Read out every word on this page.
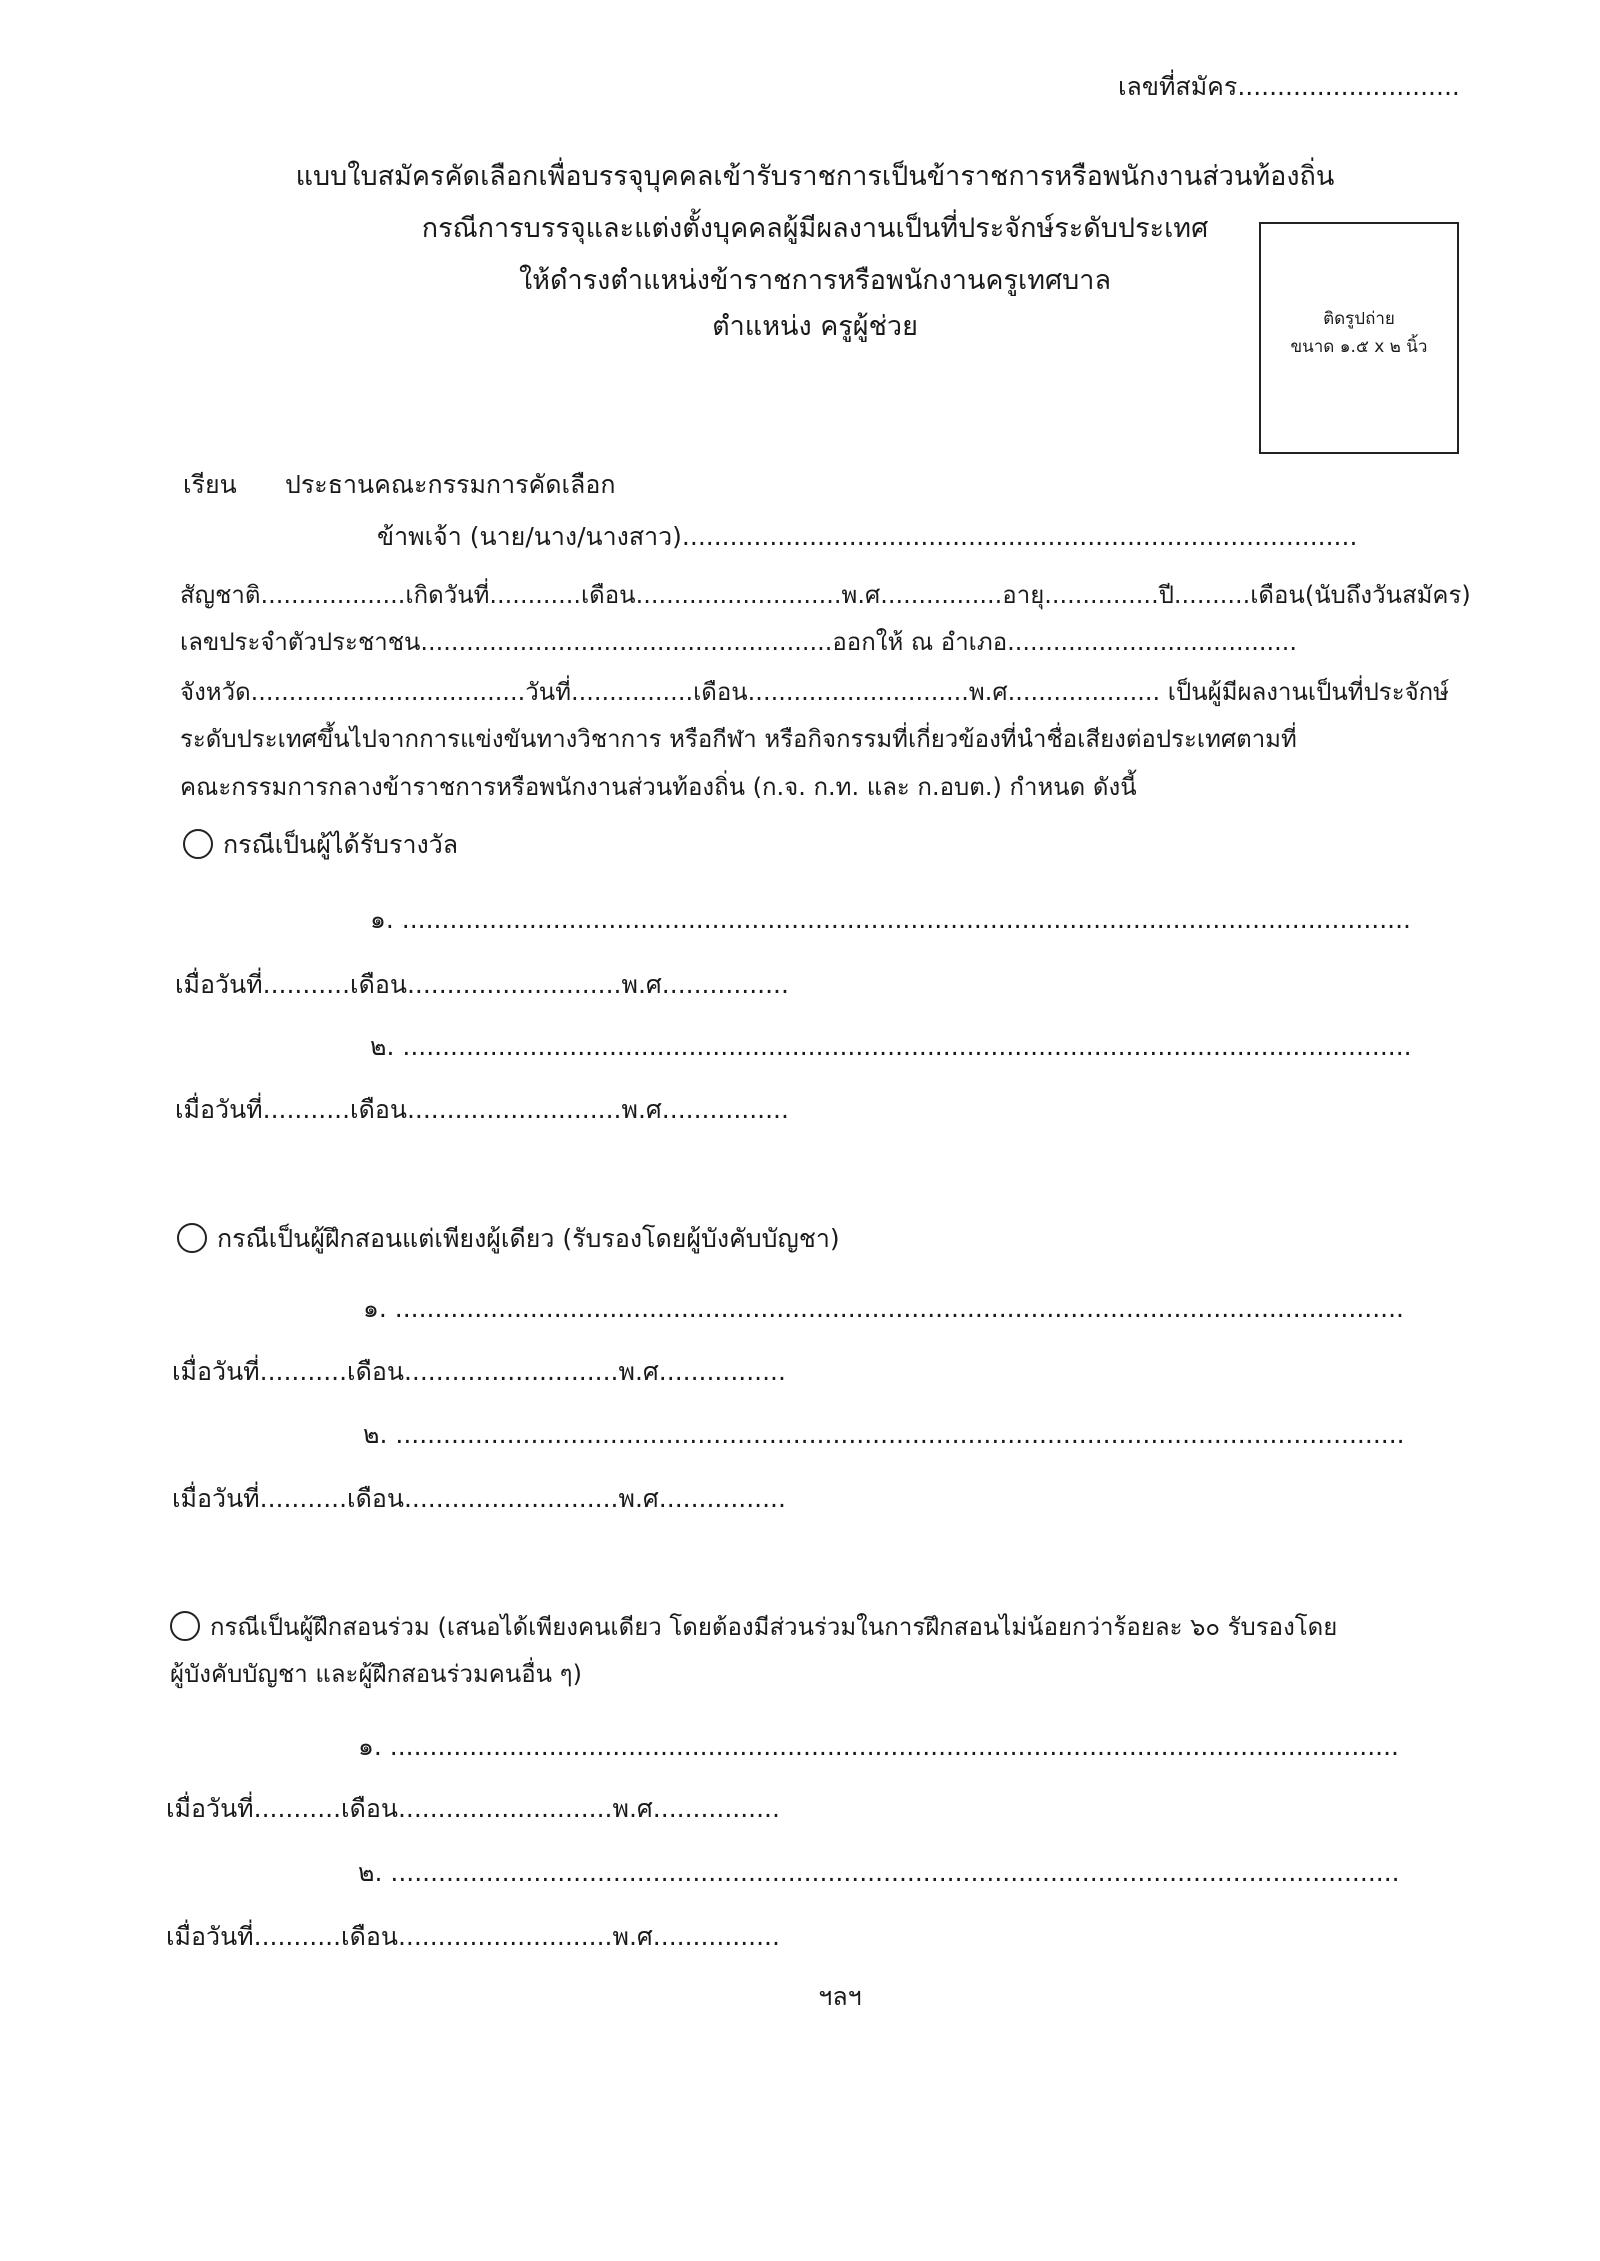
เลขที่สมัคร............................
แบบใบสมัครคัดเลือกเพื่อบรรจุบุคคลเข้ารับราชการเป็นข้าราชการหรือพนักงานส่วนท้องถิ่น
กรณีการบรรจุและแต่งตั้งบุคคลผู้มีผลงานเป็นที่ประจักษ์ระดับประเทศ
ให้ดำรงตำแหน่งข้าราชการหรือพนักงานครูเทศบาล
ตำแหน่ง ครูผู้ช่วย	ติดรูปถ่าย
ขนาด ๑.๕ x ๒ นิ้ว
เรียน ประธานคณะกรรมการคัดเลือก
ข้าพเจ้า (นาย/นาง/นางสาว).....................................................................................
สัญชาติ...................เกิดวันที่............เดือน...........................พ.ศ................อายุ...............ปี..........เดือน(นับถึงวันสมัคร)
เลขประจำตัวประชาชน......................................................ออกให้ ณ อำเภอ......................................
จังหวัด....................................วันที่................เดือน.............................พ.ศ.................... เป็นผู้มีผลงานเป็นที่ประจักษ์
ระดับประเทศขึ้นไปจากการแข่งขันทางวิชาการ หรือกีฬา หรือกิจกรรมที่เกี่ยวข้องที่นำชื่อเสียงต่อประเทศตามที่
คณะกรรมการกลางข้าราชการหรือพนักงานส่วนท้องถิ่น (ก.จ. ก.ท. และ ก.อบต.) กำหนด ดังนี้
กรณีเป็นผู้ได้รับรางวัล
๑. ...............................................................................................................................
เมื่อวันที่...........เดือน...........................พ.ศ................
๒. ...............................................................................................................................
เมื่อวันที่...........เดือน...........................พ.ศ................
กรณีเป็นผู้ฝึกสอนแต่เพียงผู้เดียว (รับรองโดยผู้บังคับบัญชา)
๑. ...............................................................................................................................
เมื่อวันที่...........เดือน...........................พ.ศ................
๒. ...............................................................................................................................
เมื่อวันที่...........เดือน...........................พ.ศ................
กรณีเป็นผู้ฝึกสอนร่วม (เสนอได้เพียงคนเดียว โดยต้องมีส่วนร่วมในการฝึกสอนไม่น้อยกว่าร้อยละ ๖๐ รับรองโดย
ผู้บังคับบัญชา และผู้ฝึกสอนร่วมคนอื่น ๆ)
๑. ...............................................................................................................................
เมื่อวันที่...........เดือน...........................พ.ศ................
๒. ...............................................................................................................................
เมื่อวันที่...........เดือน...........................พ.ศ................
ฯลฯ
